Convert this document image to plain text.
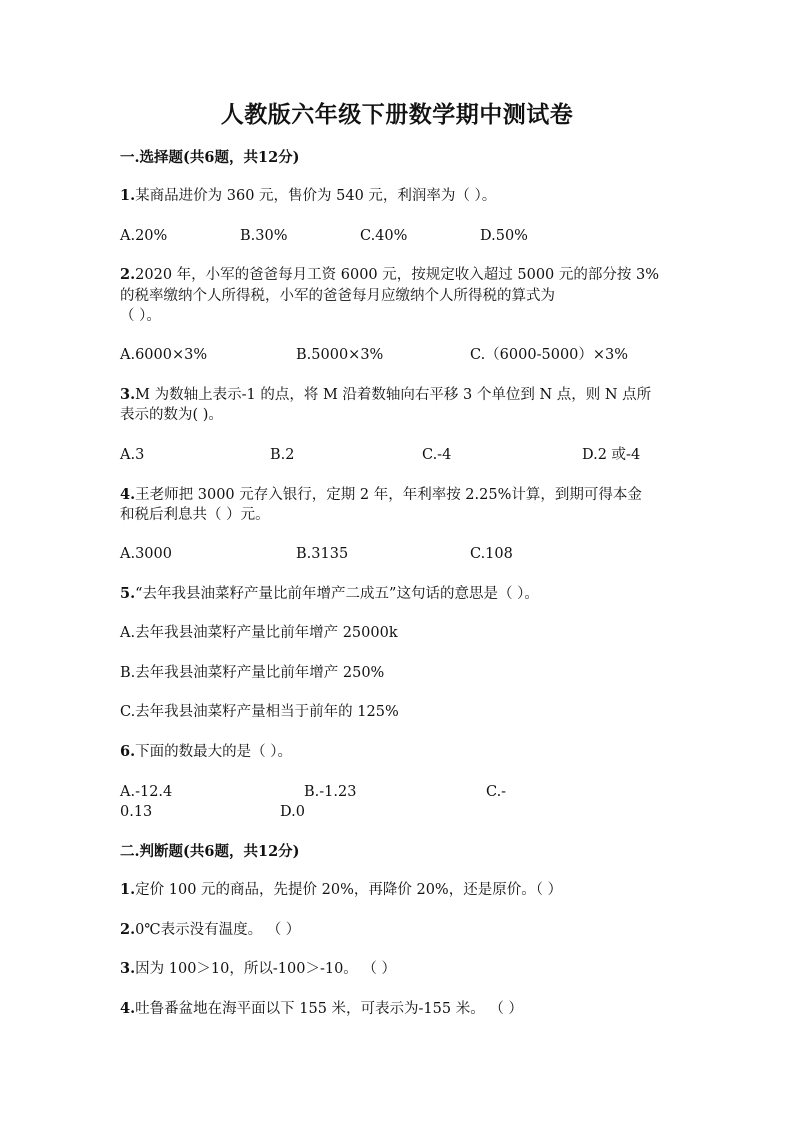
人教版六年级下册数学期中测试卷
一.选择题(共6题，共12分)
1.某商品进价为 360 元，售价为 540 元，利润率为（ ）。
A.20%	B.30%	C.40%	D.50%
2.2020 年，小军的爸爸每月工资 6000 元，按规定收入超过 5000 元的部分按 3%
的税率缴纳个人所得税，小军的爸爸每月应缴纳个人所得税的算式为
（ ）。
A.6000×3%	B.5000×3%	C.（6000-5000）×3%
3.M 为数轴上表示-1 的点，将 M 沿着数轴向右平移 3 个单位到 N 点，则 N 点所
表示的数为( )。
A.3	B.2	C.-4	D.2 或-4
4.王老师把 3000 元存入银行，定期 2 年，年利率按 2.25%计算，到期可得本金
和税后利息共（ ）元。
A.3000	B.3135	C.108
5.“去年我县油菜籽产量比前年增产二成五”这句话的意思是（ ）。
A.去年我县油菜籽产量比前年增产 25000k
B.去年我县油菜籽产量比前年增产 250%
C.去年我县油菜籽产量相当于前年的 125%
6.下面的数最大的是（ ）。
A.-12.4	B.-1.23	C.-
0.13	D.0
二.判断题(共6题，共12分)
1.定价 100 元的商品，先提价 20%，再降价 20%，还是原价。（ ）
2.0℃表示没有温度。 （ ）
3.因为 100＞10，所以-100＞-10。 （ ）
4.吐鲁番盆地在海平面以下 155 米，可表示为-155 米。 （ ）
